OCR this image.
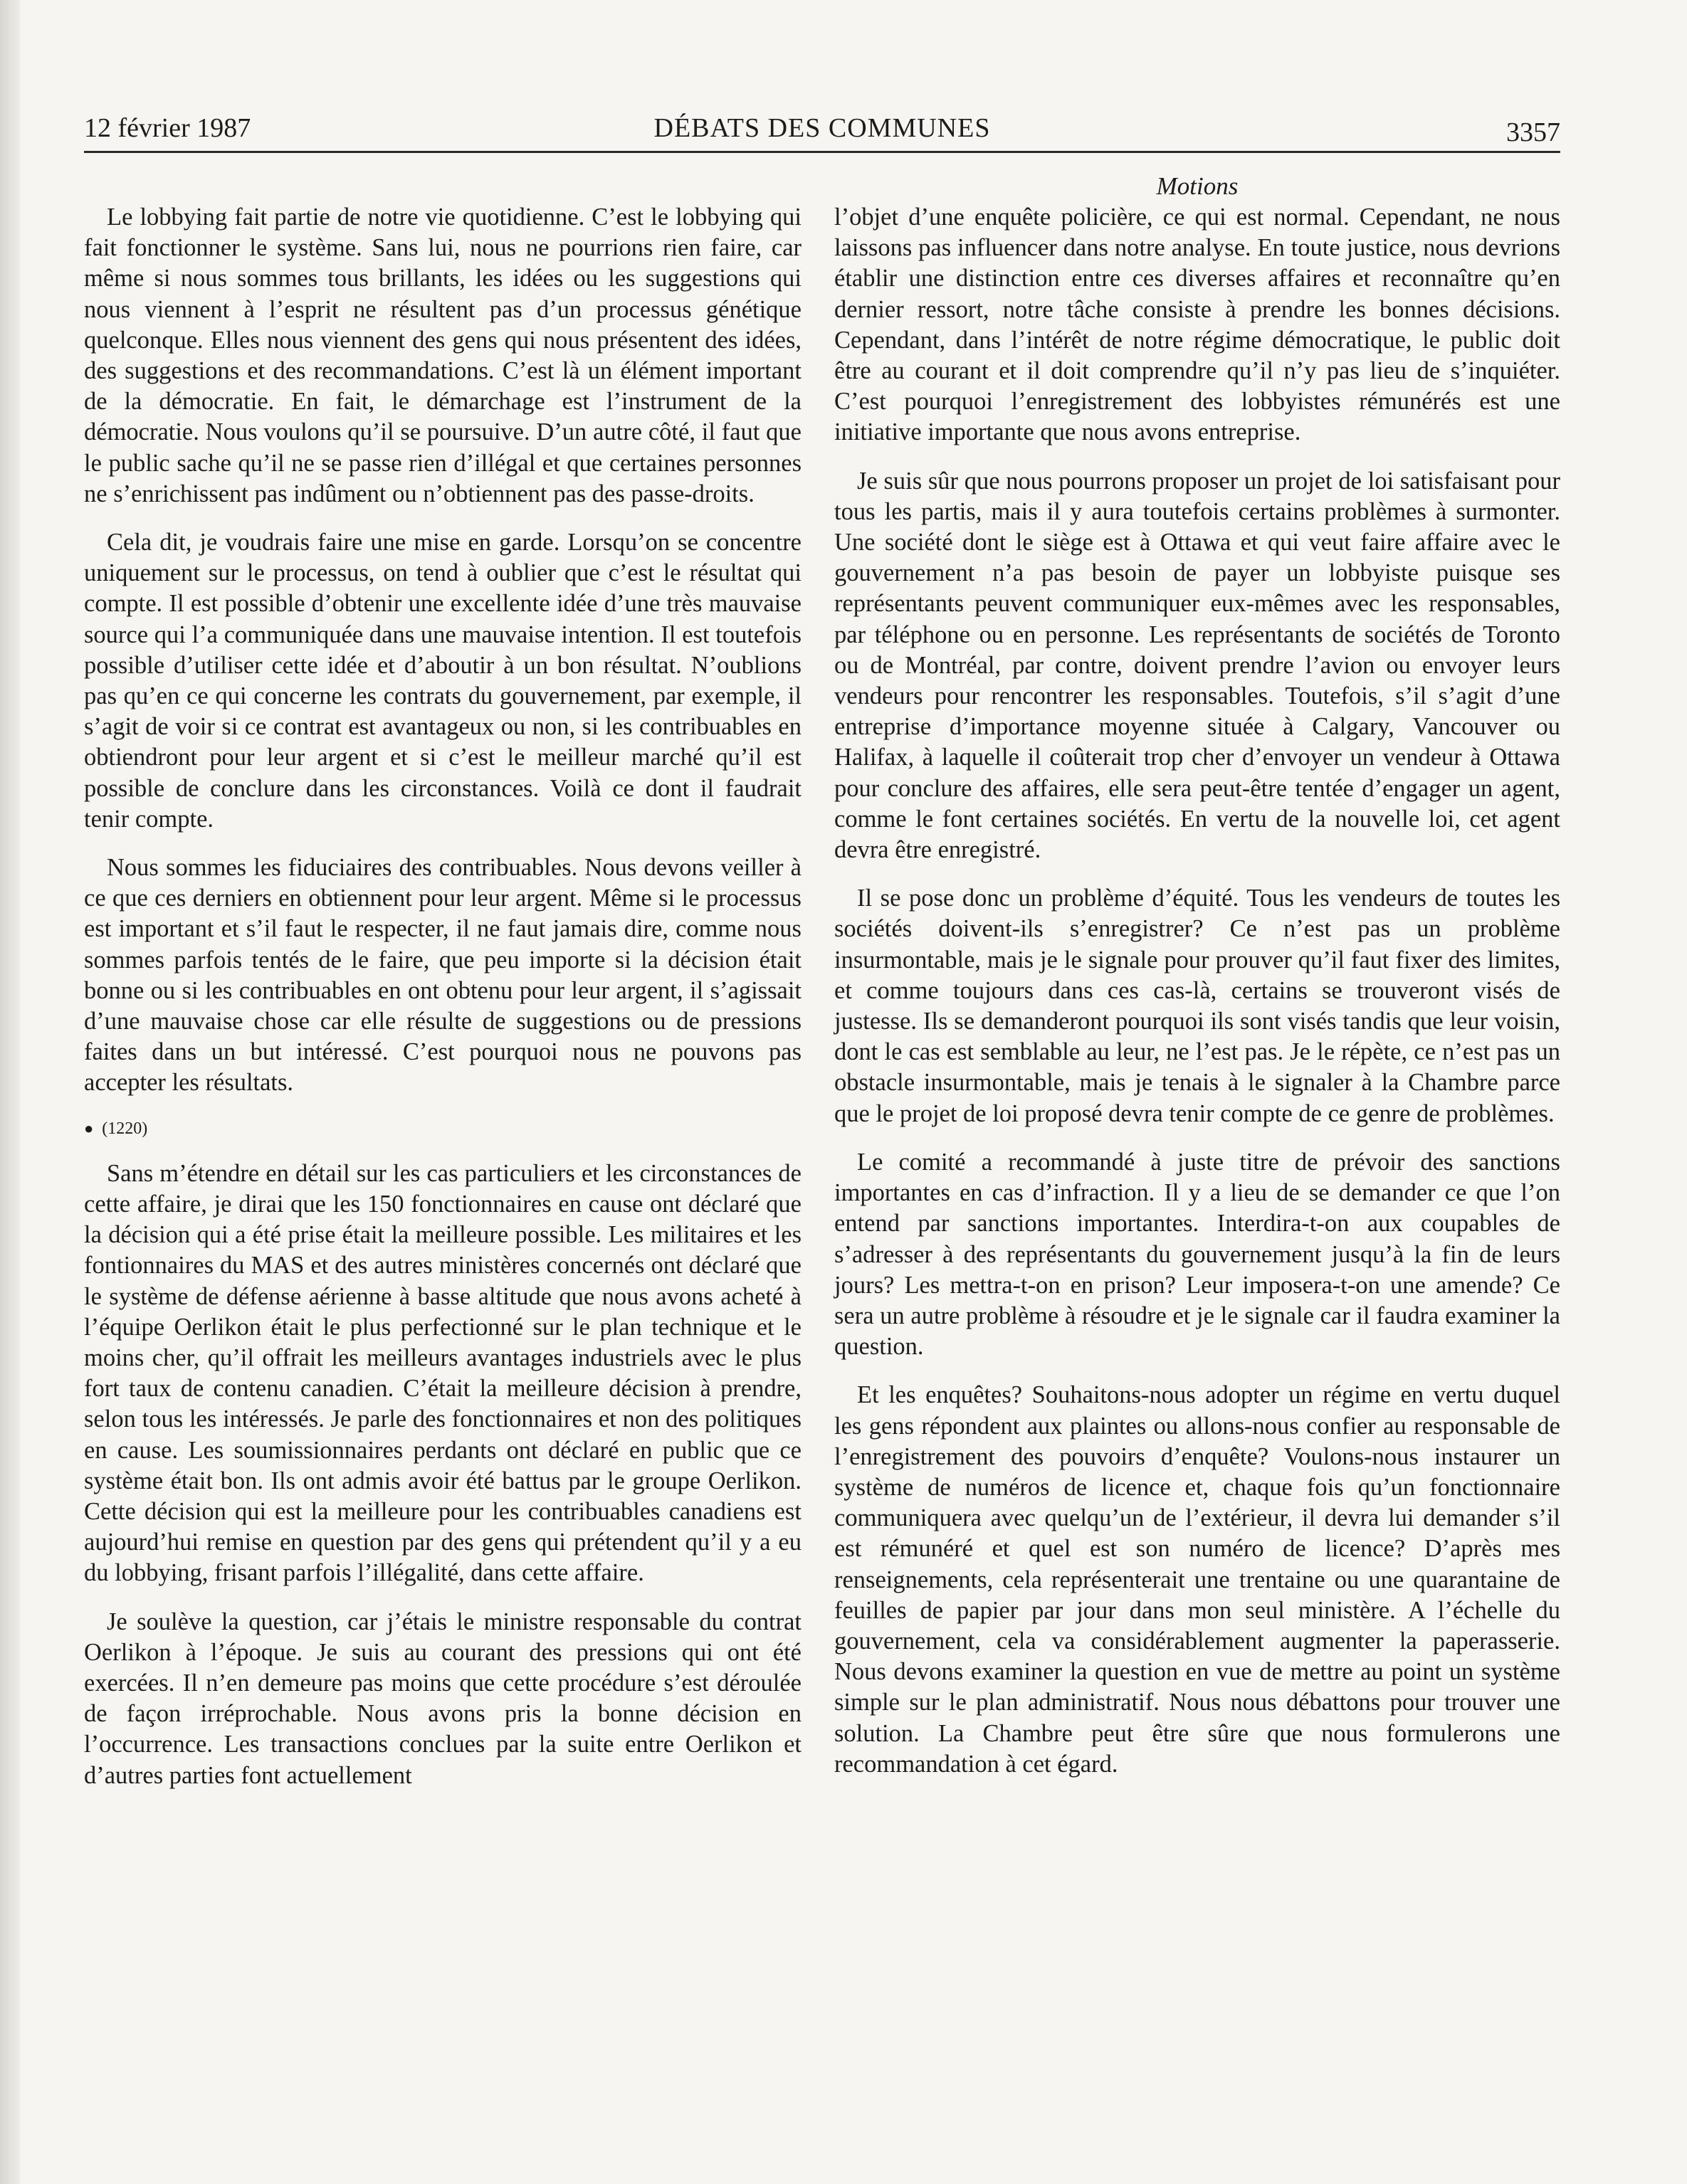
12 février 1987	DÉBATS DES COMMUNES	3357
Motions

Le lobbying fait partie de notre vie quotidienne. C’est le lobbying qui fait fonctionner le système. Sans lui, nous ne pourrions rien faire, car même si nous sommes tous brillants, les idées ou les suggestions qui nous viennent à l’esprit ne résultent pas d’un processus génétique quelconque. Elles nous viennent des gens qui nous présentent des idées, des suggestions et des recommandations. C’est là un élément important de la démocratie. En fait, le démarchage est l’instrument de la démocratie. Nous voulons qu’il se poursuive. D’un autre côté, il faut que le public sache qu’il ne se passe rien d’illégal et que certaines personnes ne s’enrichissent pas indûment ou n’obtiennent pas des passe-droits.

Cela dit, je voudrais faire une mise en garde. Lorsqu’on se concentre uniquement sur le processus, on tend à oublier que c’est le résultat qui compte. Il est possible d’obtenir une excellente idée d’une très mauvaise source qui l’a communiquée dans une mauvaise intention. Il est toutefois possible d’utiliser cette idée et d’aboutir à un bon résultat. N’oublions pas qu’en ce qui concerne les contrats du gouvernement, par exemple, il s’agit de voir si ce contrat est avantageux ou non, si les contribuables en obtiendront pour leur argent et si c’est le meilleur marché qu’il est possible de conclure dans les circonstances. Voilà ce dont il faudrait tenir compte.

Nous sommes les fiduciaires des contribuables. Nous devons veiller à ce que ces derniers en obtiennent pour leur argent. Même si le processus est important et s’il faut le respecter, il ne faut jamais dire, comme nous sommes parfois tentés de le faire, que peu importe si la décision était bonne ou si les contribuables en ont obtenu pour leur argent, il s’agissait d’une mauvaise chose car elle résulte de suggestions ou de pressions faites dans un but intéressé. C’est pourquoi nous ne pouvons pas accepter les résultats.

● (1220)

Sans m’étendre en détail sur les cas particuliers et les circonstances de cette affaire, je dirai que les 150 fonctionnaires en cause ont déclaré que la décision qui a été prise était la meilleure possible. Les militaires et les fontionnaires du MAS et des autres ministères concernés ont déclaré que le système de défense aérienne à basse altitude que nous avons acheté à l’équipe Oerlikon était le plus perfectionné sur le plan technique et le moins cher, qu’il offrait les meilleurs avantages industriels avec le plus fort taux de contenu canadien. C’était la meilleure décision à prendre, selon tous les intéressés. Je parle des fonctionnaires et non des politiques en cause. Les soumissionnaires perdants ont déclaré en public que ce système était bon. Ils ont admis avoir été battus par le groupe Oerlikon. Cette décision qui est la meilleure pour les contribuables canadiens est aujourd’hui remise en question par des gens qui prétendent qu’il y a eu du lobbying, frisant parfois l’illégalité, dans cette affaire.

Je soulève la question, car j’étais le ministre responsable du contrat Oerlikon à l’époque. Je suis au courant des pressions qui ont été exercées. Il n’en demeure pas moins que cette procédure s’est déroulée de façon irréprochable. Nous avons pris la bonne décision en l’occurrence. Les transactions conclues par la suite entre Oerlikon et d’autres parties font actuellement

l’objet d’une enquête policière, ce qui est normal. Cependant, ne nous laissons pas influencer dans notre analyse. En toute justice, nous devrions établir une distinction entre ces diverses affaires et reconnaître qu’en dernier ressort, notre tâche consiste à prendre les bonnes décisions. Cependant, dans l’intérêt de notre régime démocratique, le public doit être au courant et il doit comprendre qu’il n’y pas lieu de s’inquiéter. C’est pourquoi l’enregistrement des lobbyistes rémunérés est une initiative importante que nous avons entreprise.

Je suis sûr que nous pourrons proposer un projet de loi satisfaisant pour tous les partis, mais il y aura toutefois certains problèmes à surmonter. Une société dont le siège est à Ottawa et qui veut faire affaire avec le gouvernement n’a pas besoin de payer un lobbyiste puisque ses représentants peuvent communiquer eux-mêmes avec les responsables, par téléphone ou en personne. Les représentants de sociétés de Toronto ou de Montréal, par contre, doivent prendre l’avion ou envoyer leurs vendeurs pour rencontrer les responsables. Toutefois, s’il s’agit d’une entreprise d’importance moyenne située à Calgary, Vancouver ou Halifax, à laquelle il coûterait trop cher d’envoyer un vendeur à Ottawa pour conclure des affaires, elle sera peut-être tentée d’engager un agent, comme le font certaines sociétés. En vertu de la nouvelle loi, cet agent devra être enregistré.

Il se pose donc un problème d’équité. Tous les vendeurs de toutes les sociétés doivent-ils s’enregistrer? Ce n’est pas un problème insurmontable, mais je le signale pour prouver qu’il faut fixer des limites, et comme toujours dans ces cas-là, certains se trouveront visés de justesse. Ils se demanderont pourquoi ils sont visés tandis que leur voisin, dont le cas est semblable au leur, ne l’est pas. Je le répète, ce n’est pas un obstacle insurmontable, mais je tenais à le signaler à la Chambre parce que le projet de loi proposé devra tenir compte de ce genre de problèmes.

Le comité a recommandé à juste titre de prévoir des sanctions importantes en cas d’infraction. Il y a lieu de se demander ce que l’on entend par sanctions importantes. Interdira-t-on aux coupables de s’adresser à des représentants du gouvernement jusqu’à la fin de leurs jours? Les mettra-t-on en prison? Leur imposera-t-on une amende? Ce sera un autre problème à résoudre et je le signale car il faudra examiner la question.

Et les enquêtes? Souhaitons-nous adopter un régime en vertu duquel les gens répondent aux plaintes ou allons-nous confier au responsable de l’enregistrement des pouvoirs d’enquête? Voulons-nous instaurer un système de numéros de licence et, chaque fois qu’un fonctionnaire communiquera avec quelqu’un de l’extérieur, il devra lui demander s’il est rémunéré et quel est son numéro de licence? D’après mes renseignements, cela représenterait une trentaine ou une quarantaine de feuilles de papier par jour dans mon seul ministère. A l’échelle du gouvernement, cela va considérablement augmenter la paperasserie. Nous devons examiner la question en vue de mettre au point un système simple sur le plan administratif. Nous nous débattons pour trouver une solution. La Chambre peut être sûre que nous formulerons une recommandation à cet égard.
